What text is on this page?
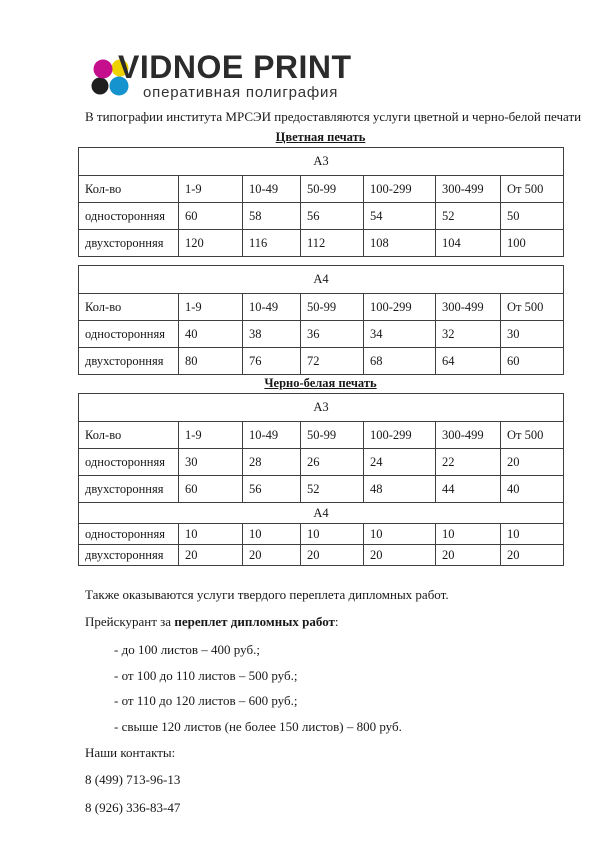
VIDNOE PRINT
оперативная полиграфия
В типографии института МРСЭИ предоставляются услуги цветной и черно-белой печати
Цветная печать
А3						
Кол-во	1-9	10-49	50-99	100-299	300-499	От 500
односторонняя	60	58	56	54	52	50
двухсторонняя	120	116	112	108	104	100
А4						
Кол-во	1-9	10-49	50-99	100-299	300-499	От 500
односторонняя	40	38	36	34	32	30
двухсторонняя	80	76	72	68	64	60
Черно-белая печать
А3						
Кол-во	1-9	10-49	50-99	100-299	300-499	От 500
односторонняя	30	28	26	24	22	20
двухсторонняя	60	56	52	48	44	40
А4						
односторонняя	10	10	10	10	10	10
двухсторонняя	20	20	20	20	20	20
Также оказываются услуги твердого переплета дипломных работ.
Прейскурант за переплет дипломных работ:
- до 100 листов – 400 руб.;
- от 100 до 110 листов – 500 руб.;
- от 110 до 120 листов – 600 руб.;
- свыше 120 листов (не более 150 листов) – 800 руб.
Наши контакты:
8 (499) 713-96-13
8 (926) 336-83-47
